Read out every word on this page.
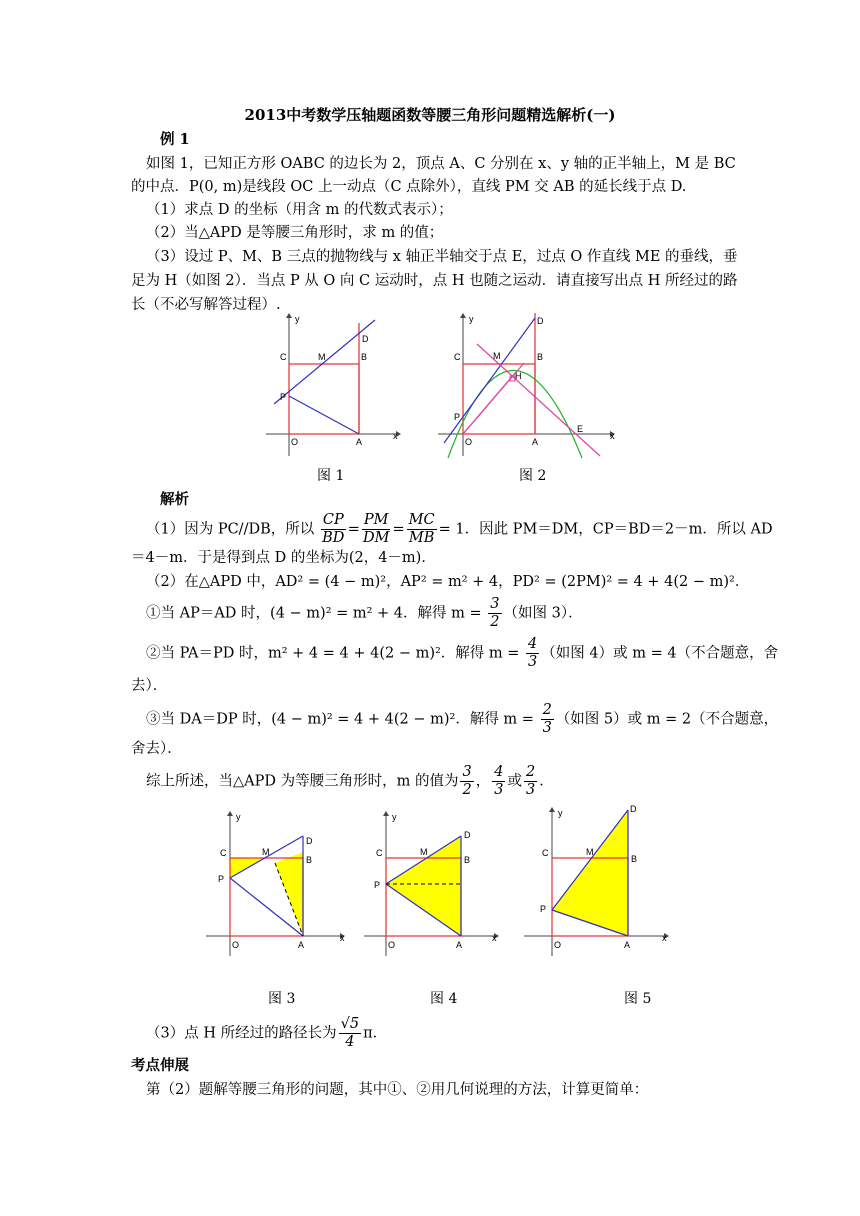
2013中考数学压轴题函数等腰三角形问题精选解析(一)
例 1
如图 1，已知正方形 OABC 的边长为 2，顶点 A、C 分别在 x、y 轴的正半轴上，M 是 BC
的中点．P(0, m)是线段 OC 上一动点（C 点除外），直线 PM 交 AB 的延长线于点 D.
（1）求点 D 的坐标（用含 m 的代数式表示）；
（2）当△APD 是等腰三角形时，求 m 的值；
（3）设过 P、M、B 三点的抛物线与 x 轴正半轴交于点 E，过点 O 作直线 ME 的垂线，垂
足为 H（如图 2）．当点 P 从 O 向 C 运动时，点 H 也随之运动．请直接写出点 H 所经过的路
长（不必写解答过程）.
x
y
O	A
B
C
D
M
P
x
y
O	A
B
C
D
M
H
P
E
图 1	图 2
解析
（1）因为 PC//DB，所以 $\frac{CP}{BD} = \frac{PM}{DM} = \frac{MC}{MB} = 1$．因此 PM＝DM，CP＝BD＝2－m．所以 AD
＝4－m．于是得到点 D 的坐标为(2，4－m)．
（2）在△APD 中，AD² = (4 − m)²，AP² = m² + 4，PD² = (2PM)² = 4 + 4(2 − m)²．
①当 AP＝AD 时，(4 − m)² = m² + 4．解得 $m = \frac{3}{2}$ （如图 3）．
②当 PA＝PD 时，m² + 4 = 4 + 4(2 − m)²．解得 $m = \frac{4}{3}$ （如图 4）或 m = 4（不合题意，舍
去）．
③当 DA＝DP 时，(4 − m)² = 4 + 4(2 − m)²．解得 $m = \frac{2}{3}$ （如图 5）或 m = 2（不合题意，
舍去）．
综上所述，当△APD 为等腰三角形时，m 的值为 $\frac{3}{2}$ ， $\frac{4}{3}$ 或 $\frac{2}{3}$ ．
x
y
O	A
B
C
D
M
P
x
y
O	A
B
C
D
M
P
x
y
O	A
B
C
D
M
P
图 3	图 4	图 5
（3）点 H 所经过的路径长为 $\frac{√5}{4}$ π．
考点伸展
第（2）题解等腰三角形的问题，其中①、②用几何说理的方法，计算更简单：
